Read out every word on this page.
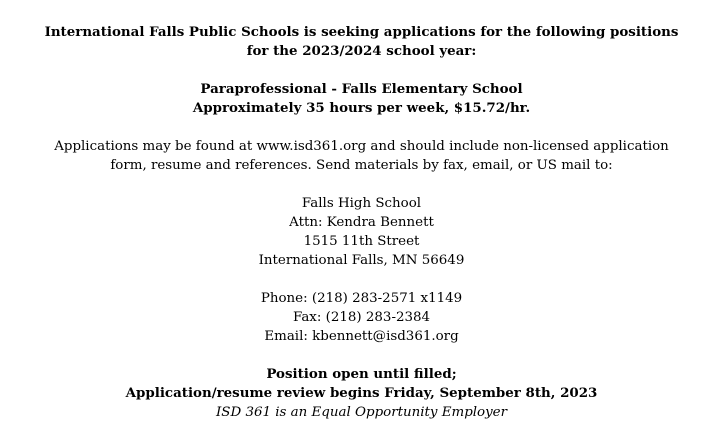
International Falls Public Schools is seeking applications for the following positions
for the 2023/2024 school year:
Paraprofessional - Falls Elementary School
Approximately 35 hours per week, $15.72/hr.
Applications may be found at www.isd361.org and should include non-licensed application
form, resume and references. Send materials by fax, email, or US mail to:
Falls High School
Attn: Kendra Bennett
1515 11th Street
International Falls, MN 56649
Phone: (218) 283-2571 x1149
Fax: (218) 283-2384
Email: kbennett@isd361.org
Position open until filled;
Application/resume review begins Friday, September 8th, 2023
ISD 361 is an Equal Opportunity Employer
